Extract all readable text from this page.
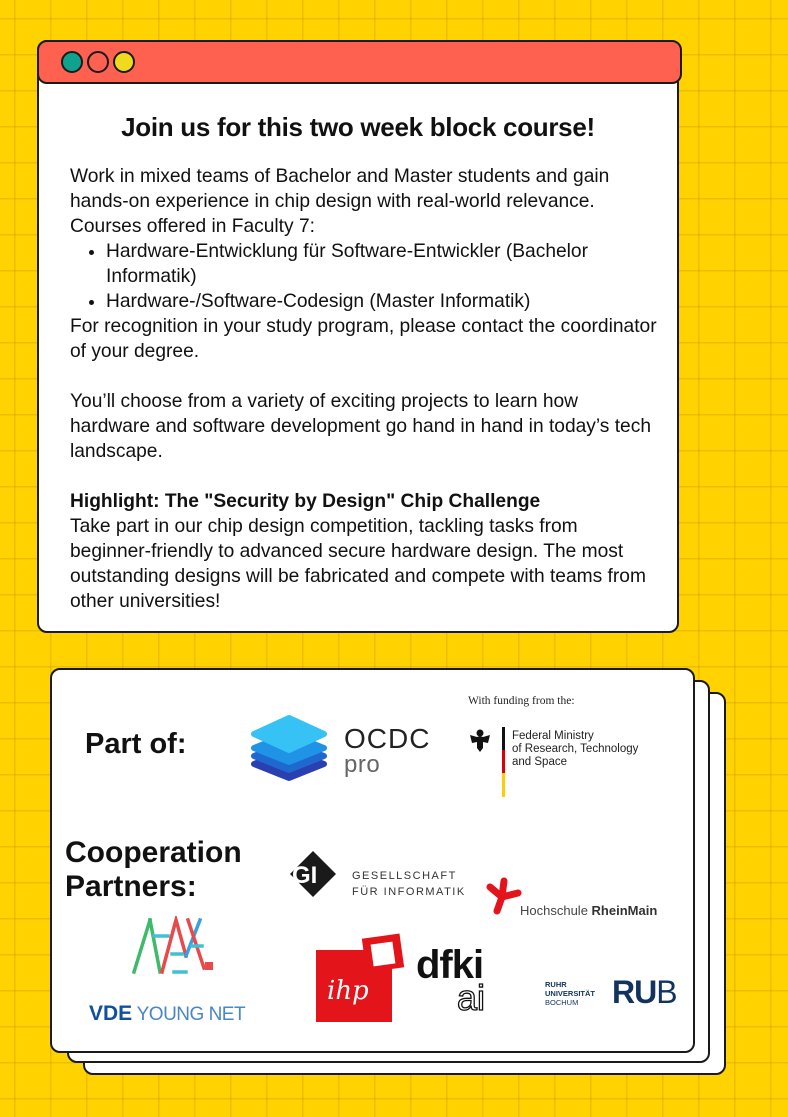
Join us for this two week block course!

Work in mixed teams of Bachelor and Master students and gain hands-on experience in chip design with real-world relevance. Courses offered in Faculty 7:

• Hardware-Entwicklung für Software-Entwickler (Bachelor Informatik)
• Hardware-/Software-Codesign (Master Informatik)

For recognition in your study program, please contact the coordinator of your degree.

You’ll choose from a variety of exciting projects to learn how hardware and software development go hand in hand in today’s tech landscape.

Highlight: The "Security by Design" Chip Challenge

Take part in our chip design competition, tackling tasks from beginner-friendly to advanced secure hardware design. The most outstanding designs will be fabricated and compete with teams from other universities!

Part of:	OCDC
pro
With funding from the:
Federal Ministry
of Research, Technology
and Space
Cooperation
Partners:	GI	GESELLSCHAFT
FÜR INFORMATIK
Hochschule RheinMain
VDE YOUNG NET
ihp
dfki
ai	RUHR
UNIVERSITÄT
BOCHUM	RUB
